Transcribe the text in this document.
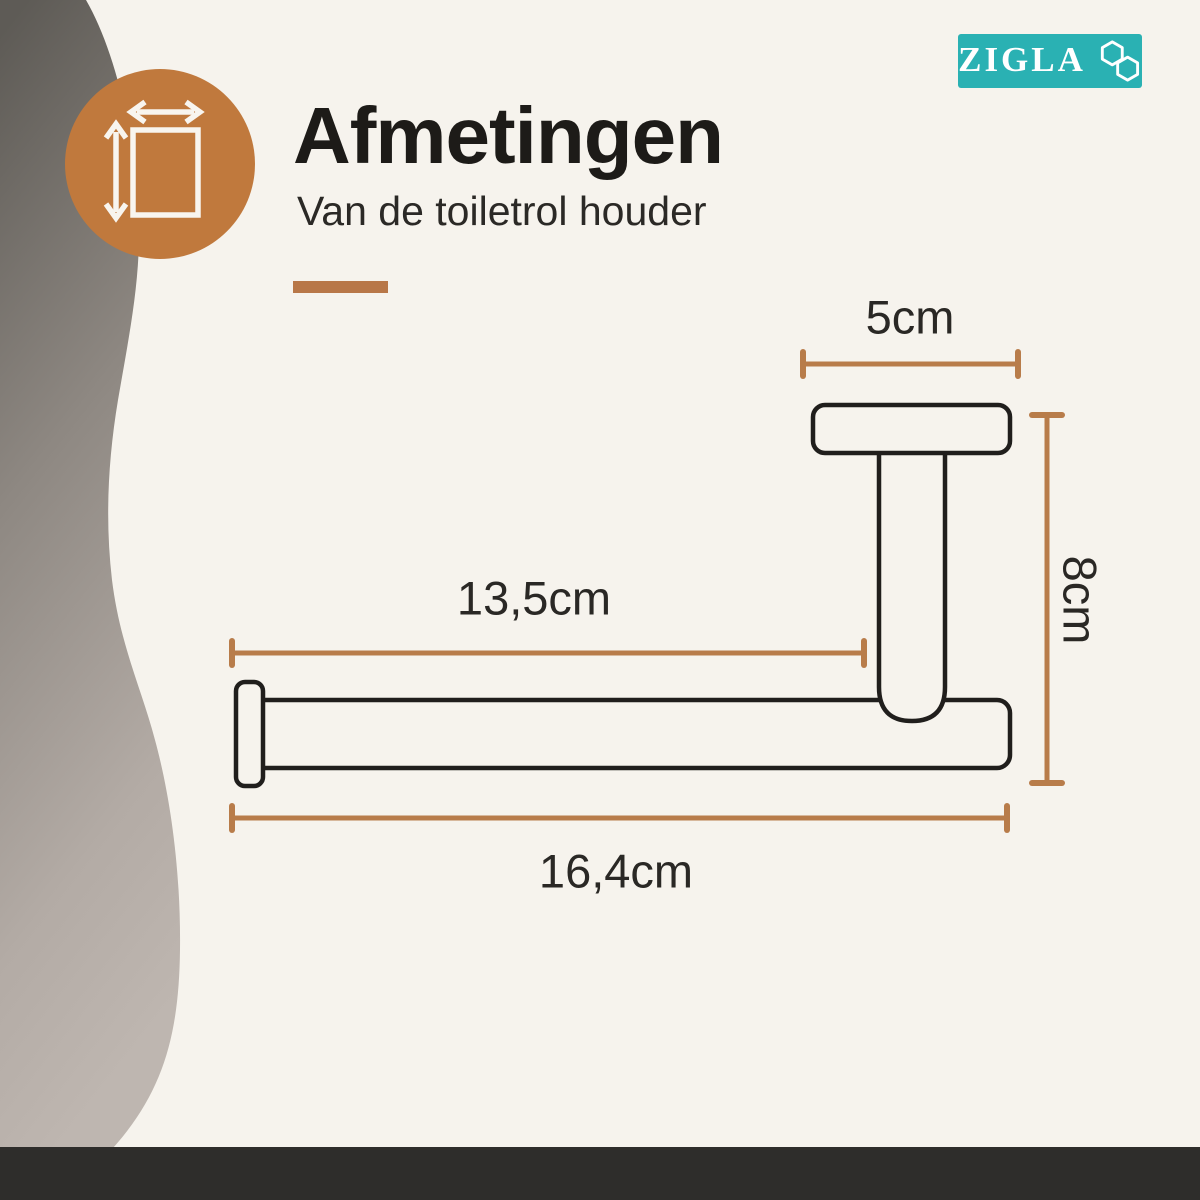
Afmetingen
Van de toiletrol houder
ZIGLA
5cm
13,5cm	8cm
16,4cm
